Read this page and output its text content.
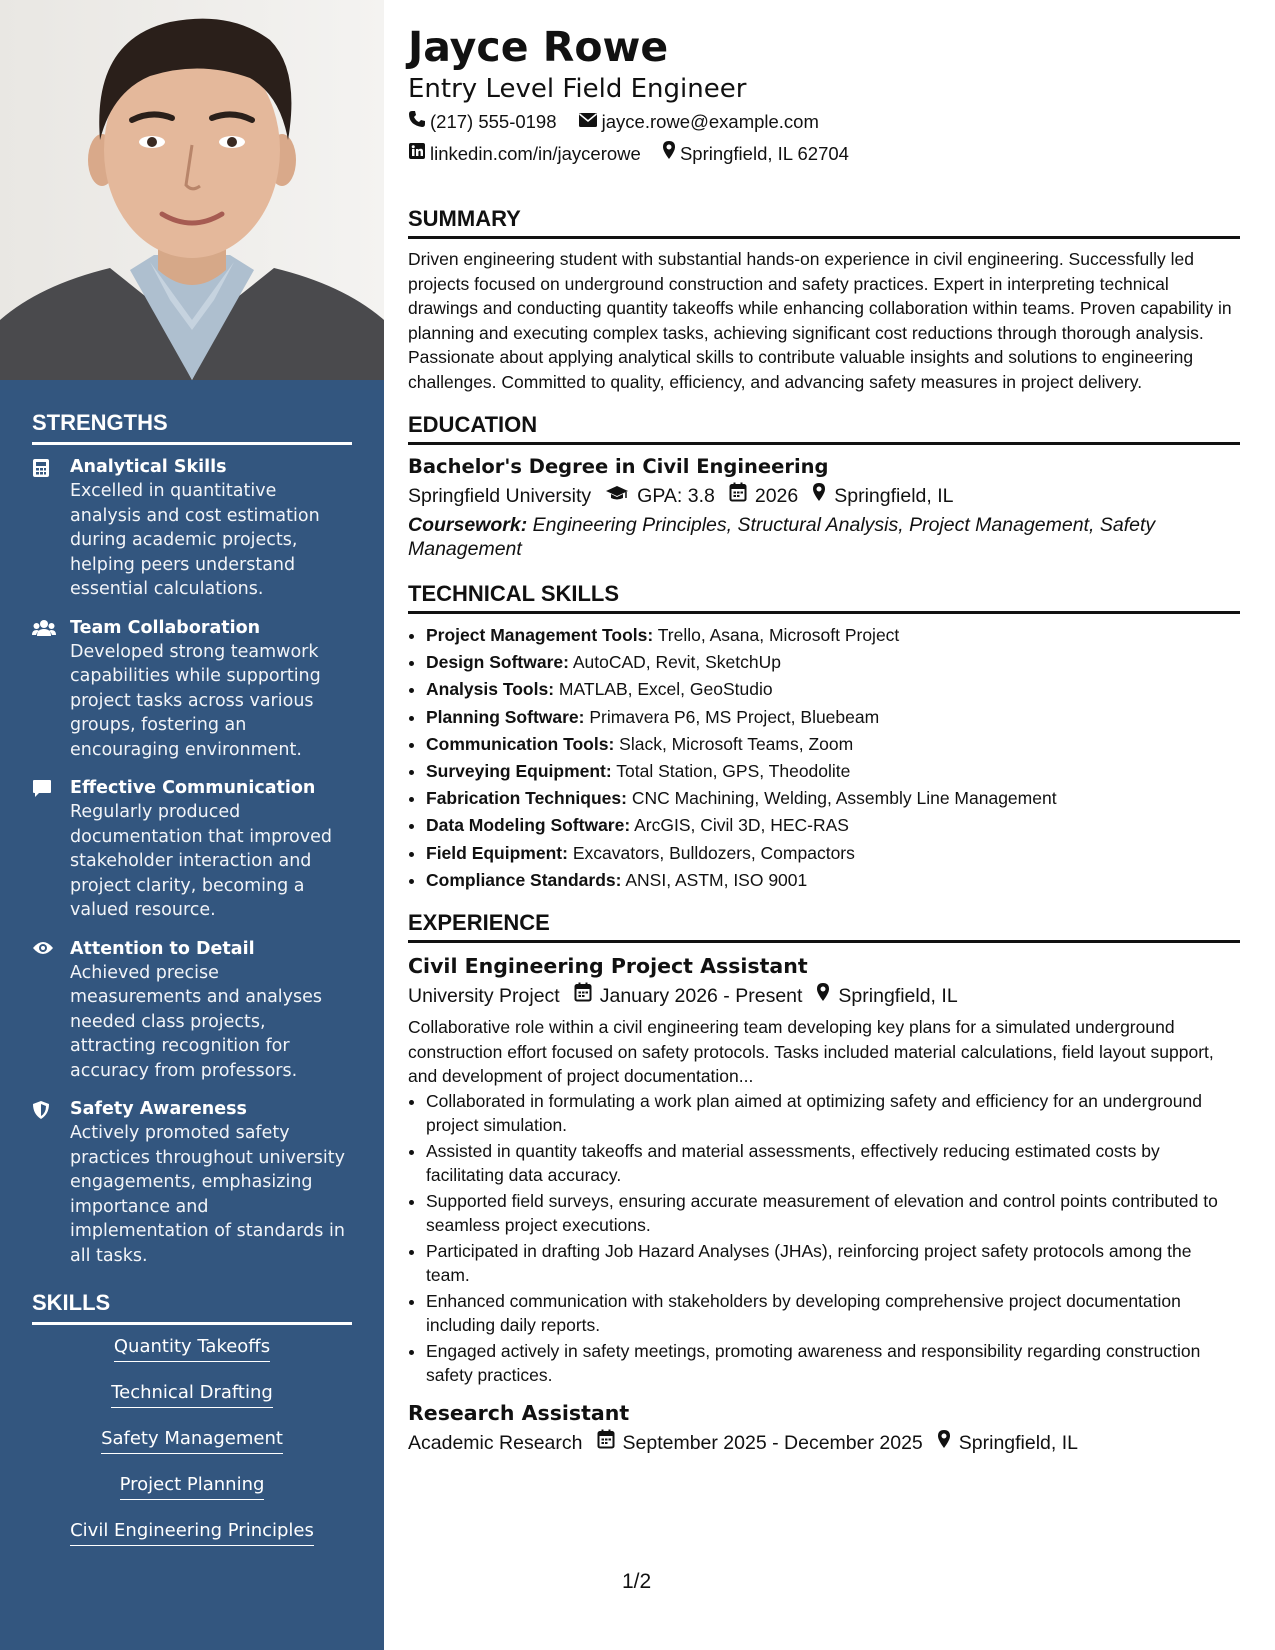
STRENGTHS
Analytical Skills
Excelled in quantitative analysis and cost estimation during academic projects, helping peers understand essential calculations.
Team Collaboration
Developed strong teamwork capabilities while supporting project tasks across various groups, fostering an encouraging environment.
Effective Communication
Regularly produced documentation that improved stakeholder interaction and project clarity, becoming a valued resource.
Attention to Detail
Achieved precise measurements and analyses needed class projects, attracting recognition for accuracy from professors.
Safety Awareness
Actively promoted safety practices throughout university engagements, emphasizing importance and implementation of standards in all tasks.
SKILLS
Quantity Takeoffs
Technical Drafting
Safety Management
Project Planning
Civil Engineering Principles
Jayce Rowe
Entry Level Field Engineer
(217) 555-0198
jayce.rowe@example.com
linkedin.com/in/jaycerowe
Springfield, IL 62704
SUMMARY
Driven engineering student with substantial hands-on experience in civil engineering. Successfully led projects focused on underground construction and safety practices. Expert in interpreting technical drawings and conducting quantity takeoffs while enhancing collaboration within teams. Proven capability in planning and executing complex tasks, achieving significant cost reductions through thorough analysis. Passionate about applying analytical skills to contribute valuable insights and solutions to engineering challenges. Committed to quality, efficiency, and advancing safety measures in project delivery.
EDUCATION
Bachelor's Degree in Civil Engineering
Springfield University GPA: 3.8 2026 Springfield, IL
Coursework: Engineering Principles, Structural Analysis, Project Management, Safety Management
TECHNICAL SKILLS
• Project Management Tools: Trello, Asana, Microsoft Project
• Design Software: AutoCAD, Revit, SketchUp
• Analysis Tools: MATLAB, Excel, GeoStudio
• Planning Software: Primavera P6, MS Project, Bluebeam
• Communication Tools: Slack, Microsoft Teams, Zoom
• Surveying Equipment: Total Station, GPS, Theodolite
• Fabrication Techniques: CNC Machining, Welding, Assembly Line Management
• Data Modeling Software: ArcGIS, Civil 3D, HEC-RAS
• Field Equipment: Excavators, Bulldozers, Compactors
• Compliance Standards: ANSI, ASTM, ISO 9001
EXPERIENCE
Civil Engineering Project Assistant
University Project January 2026 - Present Springfield, IL
Collaborative role within a civil engineering team developing key plans for a simulated underground construction effort focused on safety protocols. Tasks included material calculations, field layout support, and development of project documentation...
• Collaborated in formulating a work plan aimed at optimizing safety and efficiency for an underground project simulation.
• Assisted in quantity takeoffs and material assessments, effectively reducing estimated costs by facilitating data accuracy.
• Supported field surveys, ensuring accurate measurement of elevation and control points contributed to seamless project executions.
• Participated in drafting Job Hazard Analyses (JHAs), reinforcing project safety protocols among the team.
• Enhanced communication with stakeholders by developing comprehensive project documentation including daily reports.
• Engaged actively in safety meetings, promoting awareness and responsibility regarding construction safety practices.
Research Assistant
Academic Research September 2025 - December 2025 Springfield, IL
1/2
